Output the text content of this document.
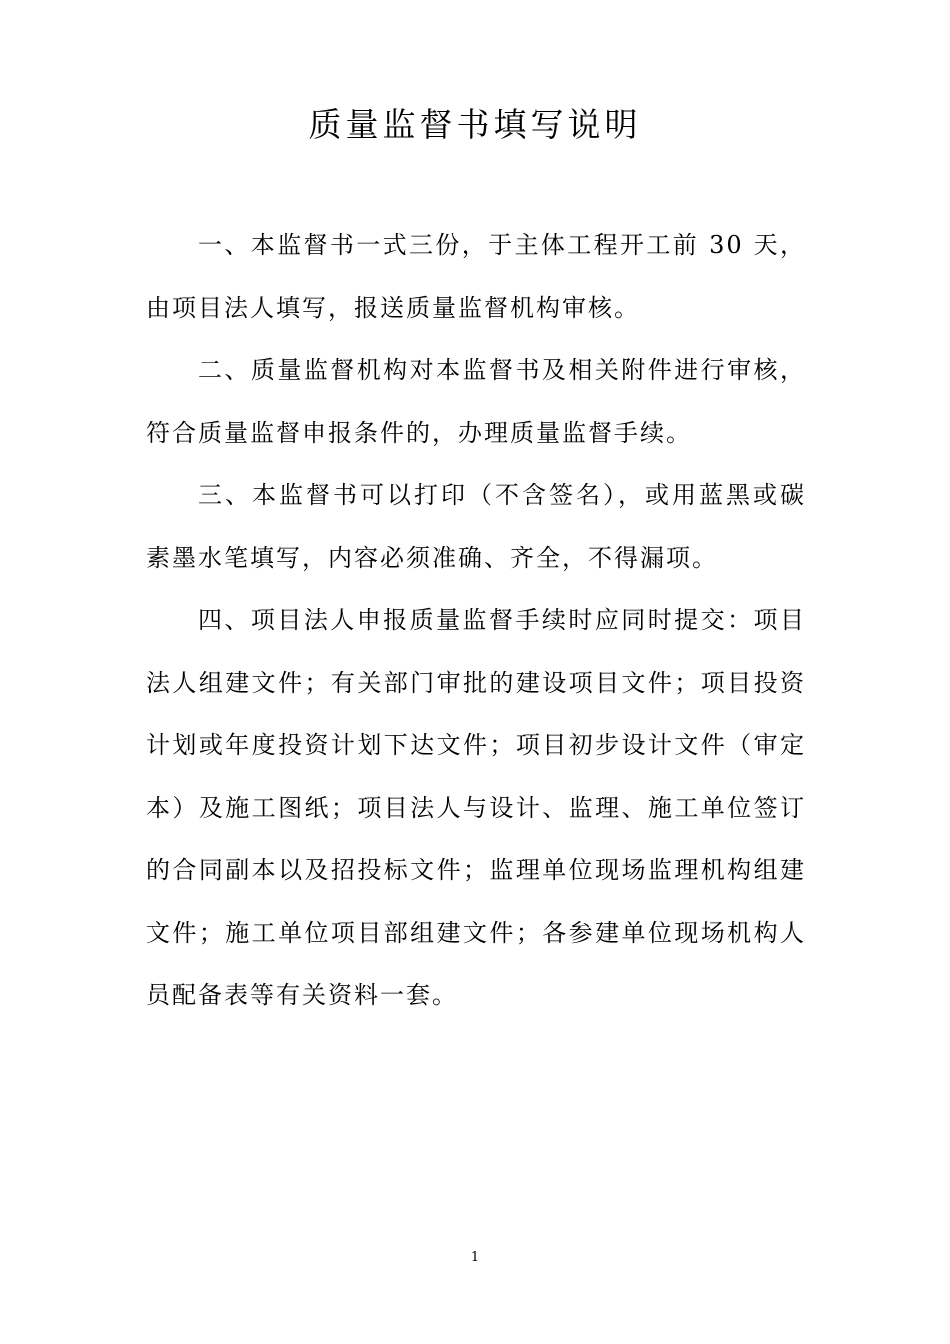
质量监督书填写说明

一、本监督书一式三份，于主体工程开工前 30 天，由项目法人填写，报送质量监督机构审核。

二、质量监督机构对本监督书及相关附件进行审核，符合质量监督申报条件的，办理质量监督手续。

三、本监督书可以打印（不含签名），或用蓝黑或碳素墨水笔填写，内容必须准确、齐全，不得漏项。

四、项目法人申报质量监督手续时应同时提交：项目法人组建文件；有关部门审批的建设项目文件；项目投资计划或年度投资计划下达文件；项目初步设计文件（审定本）及施工图纸；项目法人与设计、监理、施工单位签订的合同副本以及招投标文件；监理单位现场监理机构组建文件；施工单位项目部组建文件；各参建单位现场机构人员配备表等有关资料一套。

1
